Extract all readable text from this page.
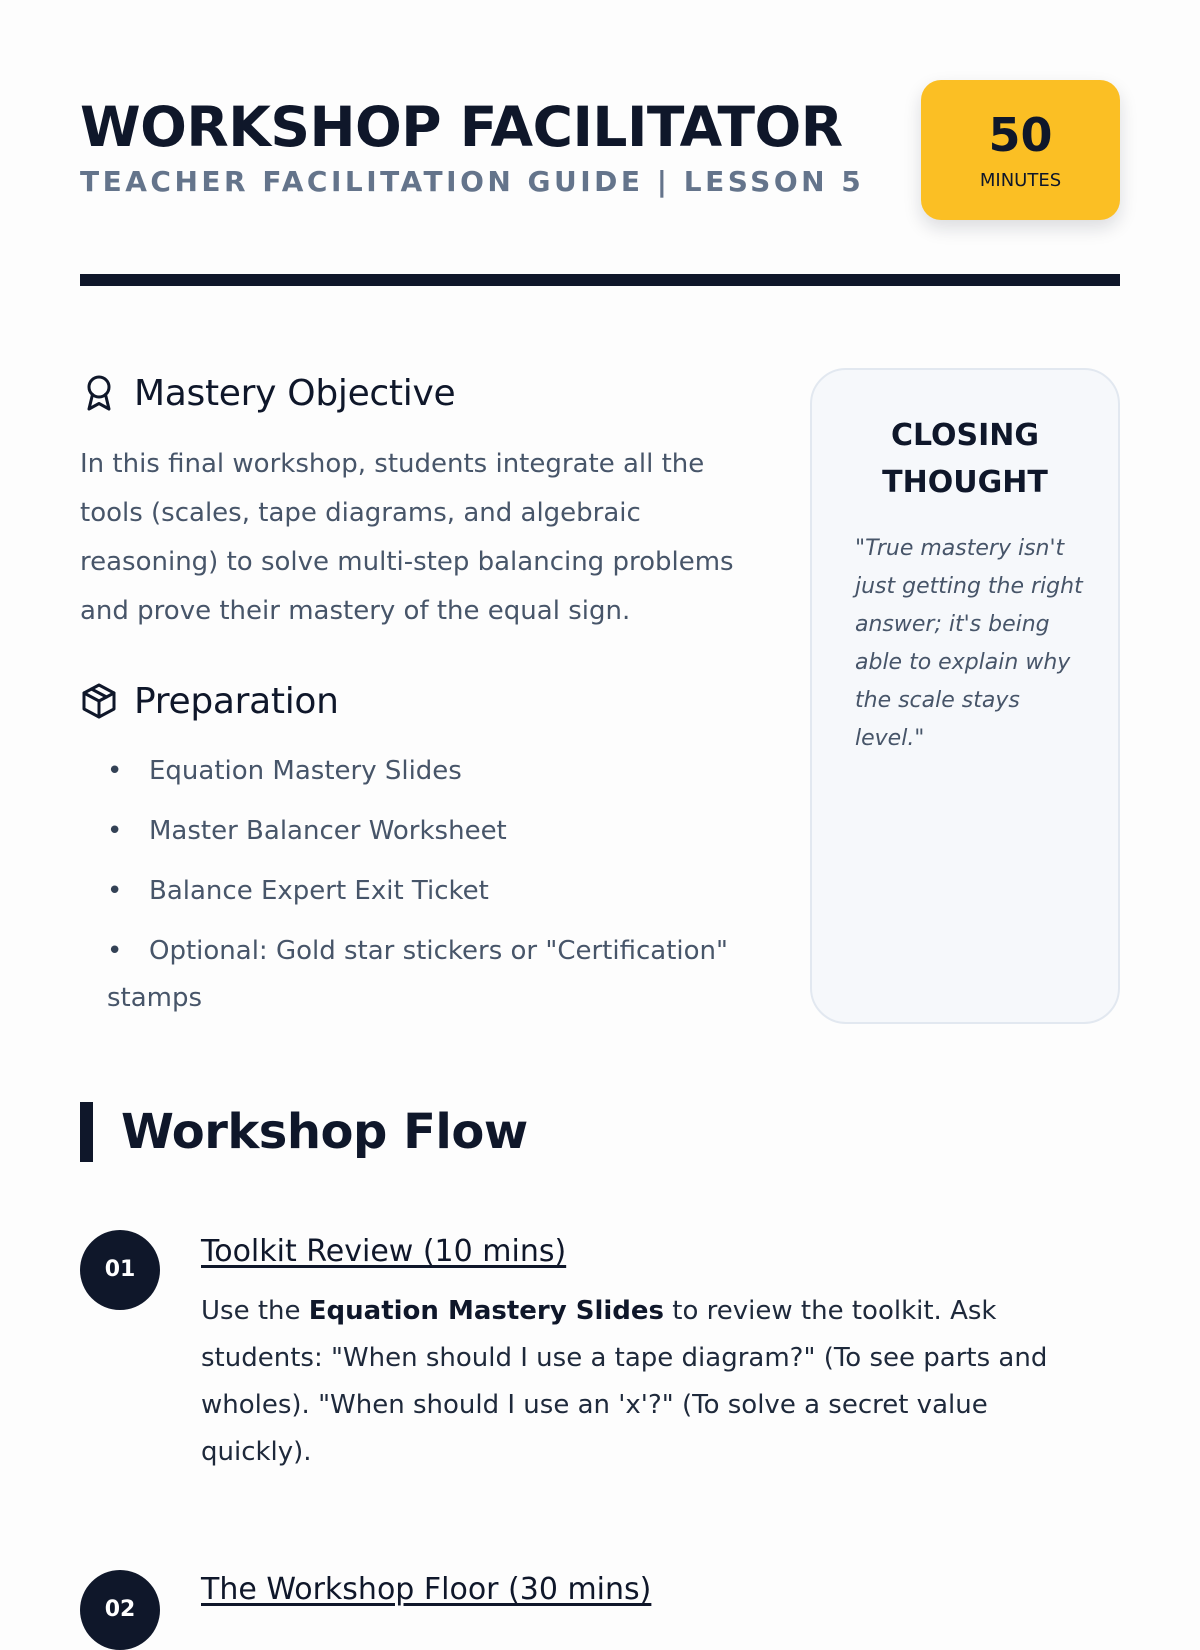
WORKSHOP FACILITATOR
TEACHER FACILITATION GUIDE | LESSON 5
50
MINUTES
Mastery Objective

In this final workshop, students integrate all the tools (scales, tape diagrams, and algebraic reasoning) to solve multi-step balancing problems and prove their mastery of the equal sign.

Preparation
• Equation Mastery Slides
• Master Balancer Worksheet
• Balance Expert Exit Ticket
• Optional: Gold star stickers or "Certification" stamps
CLOSING THOUGHT

"True mastery isn't just getting the right answer; it's being able to explain why the scale stays level."

Workshop Flow
01
Toolkit Review (10 mins)

Use the Equation Mastery Slides to review the toolkit. Ask students: "When should I use a tape diagram?" (To see parts and wholes). "When should I use an 'x'?" (To solve a secret value quickly).

02
The Workshop Floor (30 mins)
